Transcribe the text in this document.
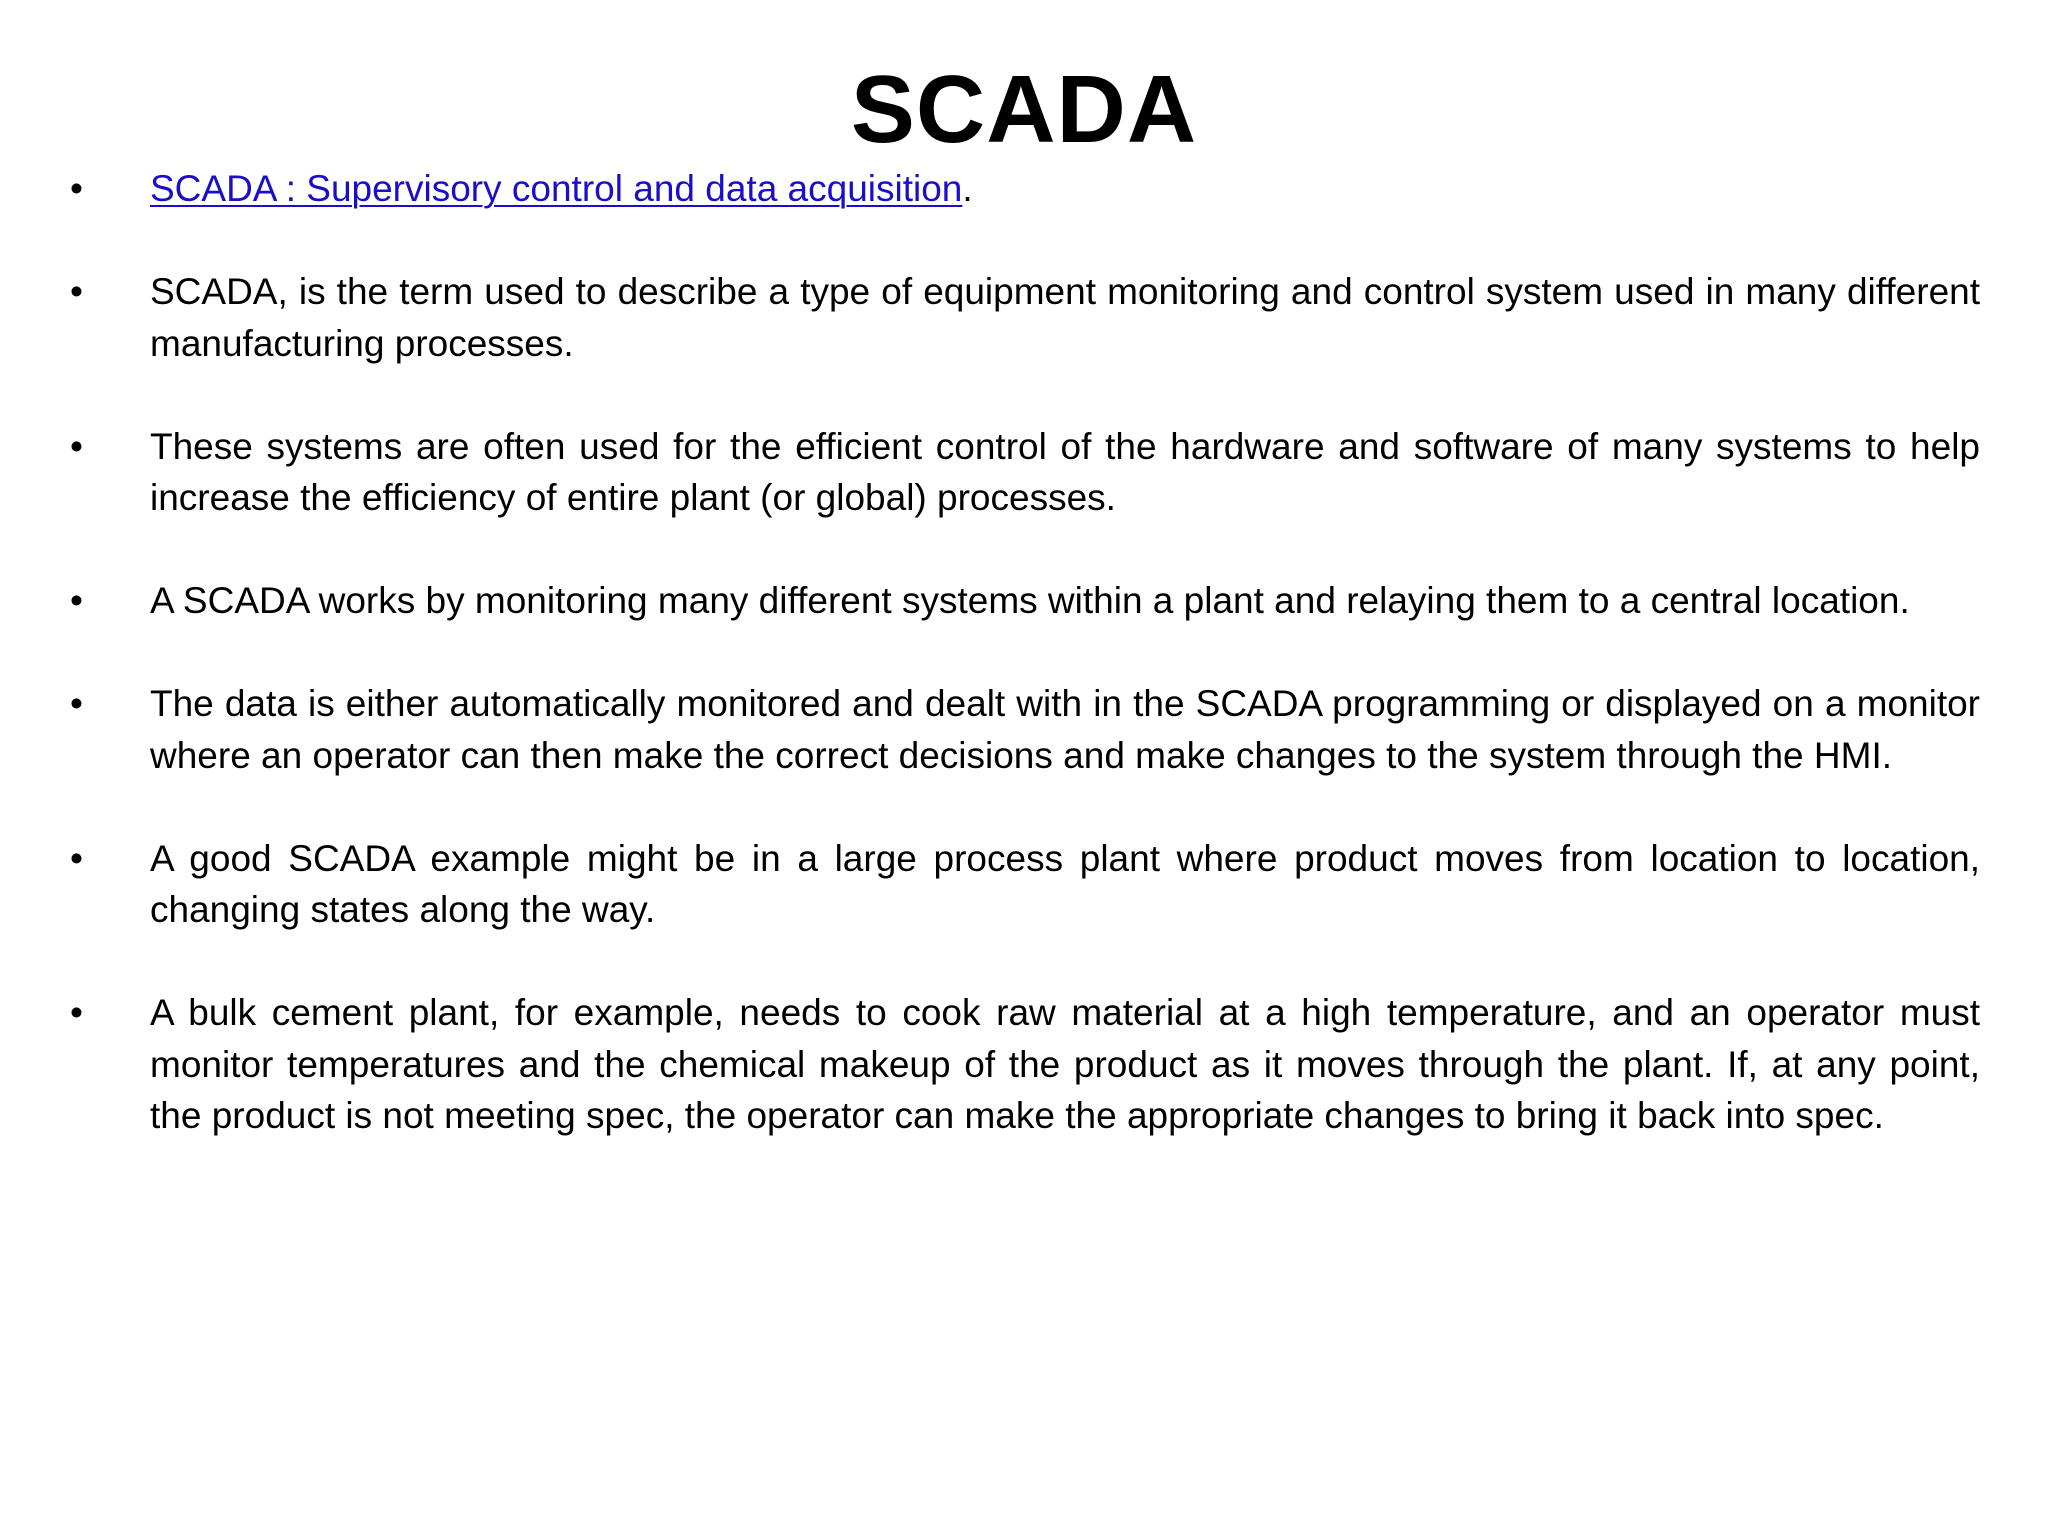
SCADA
•	SCADA : Supervisory control and data acquisition.
•	SCADA, is the term used to describe a type of equipment monitoring and control system used in many different manufacturing processes.
•	These systems are often used for the efficient control of the hardware and software of many systems to help increase the efficiency of entire plant (or global) processes.
•	A SCADA works by monitoring many different systems within a plant and relaying them to a central location.
•	The data is either automatically monitored and dealt with in the SCADA programming or displayed on a monitor where an operator can then make the correct decisions and make changes to the system through the HMI.
•	A good SCADA example might be in a large process plant where product moves from location to location, changing states along the way.
•	A bulk cement plant, for example, needs to cook raw material at a high temperature, and an operator must monitor temperatures and the chemical makeup of the product as it moves through the plant. If, at any point, the product is not meeting spec, the operator can make the appropriate changes to bring it back into spec.
